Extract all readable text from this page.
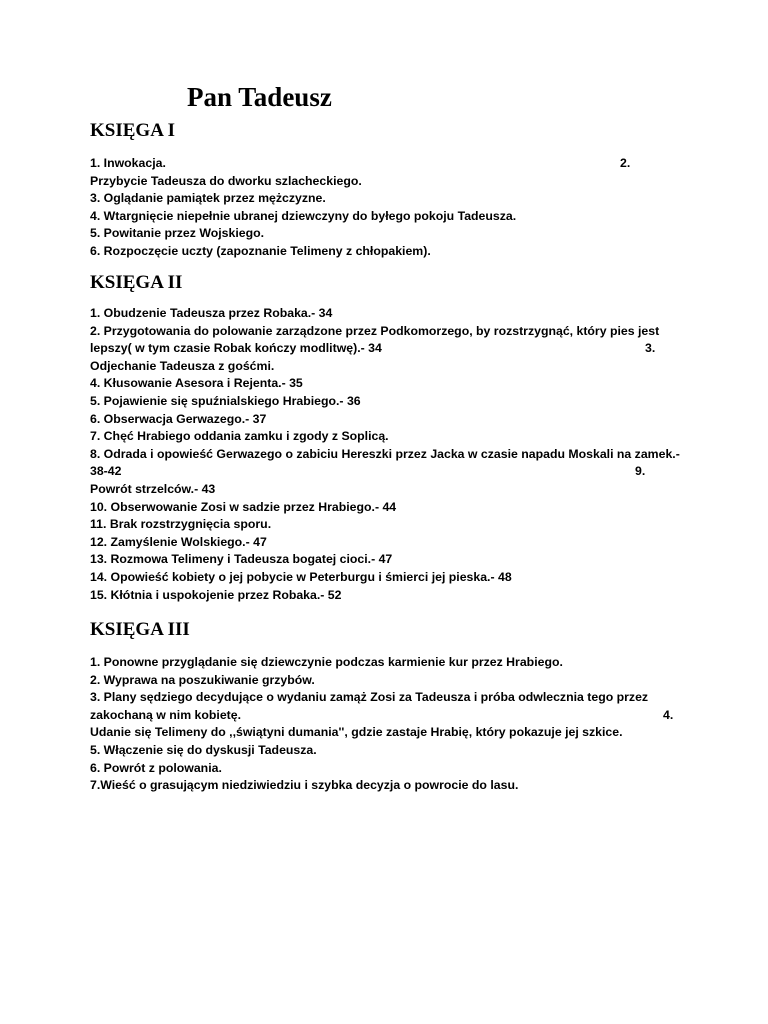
Pan Tadeusz
KSIĘGA I
1. Inwokacja.	2.
Przybycie Tadeusza do dworku szlacheckiego.
3. Oglądanie pamiątek przez mężczyzne.
4. Wtargnięcie niepełnie ubranej dziewczyny do byłego pokoju Tadeusza.
5. Powitanie przez Wojskiego.
6. Rozpoczęcie uczty (zapoznanie Telimeny z chłopakiem).
KSIĘGA II
1. Obudzenie Tadeusza przez Robaka.- 34
2. Przygotowania do polowanie zarządzone przez Podkomorzego, by rozstrzygnąć, który pies jest
lepszy( w tym czasie Robak kończy modlitwę).- 34	3.
Odjechanie Tadeusza z gośćmi.
4. Kłusowanie Asesora i Rejenta.- 35
5. Pojawienie się spuźnialskiego Hrabiego.- 36
6. Obserwacja Gerwazego.- 37
7. Chęć Hrabiego oddania zamku i zgody z Soplicą.
8. Odrada i opowieść Gerwazego o zabiciu Hereszki przez Jacka w czasie napadu Moskali na zamek.-
38-42	9.
Powrót strzelców.- 43
10. Obserwowanie Zosi w sadzie przez Hrabiego.- 44
11. Brak rozstrzygnięcia sporu.
12. Zamyślenie Wolskiego.- 47
13. Rozmowa Telimeny i Tadeusza bogatej cioci.- 47
14. Opowieść kobiety o jej pobycie w Peterburgu i śmierci jej pieska.- 48
15. Kłótnia i uspokojenie przez Robaka.- 52
KSIĘGA III
1. Ponowne przyglądanie się dziewczynie podczas karmienie kur przez Hrabiego.
2. Wyprawa na poszukiwanie grzybów.
3. Plany sędziego decydujące o wydaniu zamąż Zosi za Tadeusza i próba odwlecznia tego przez
zakochaną w nim kobietę.	4.
Udanie się Telimeny do ,,świątyni dumania'', gdzie zastaje Hrabię, który pokazuje jej szkice.
5. Włączenie się do dyskusji Tadeusza.
6. Powrót z polowania.
7.Wieść o grasującym niedziwiedziu i szybka decyzja o powrocie do lasu.
